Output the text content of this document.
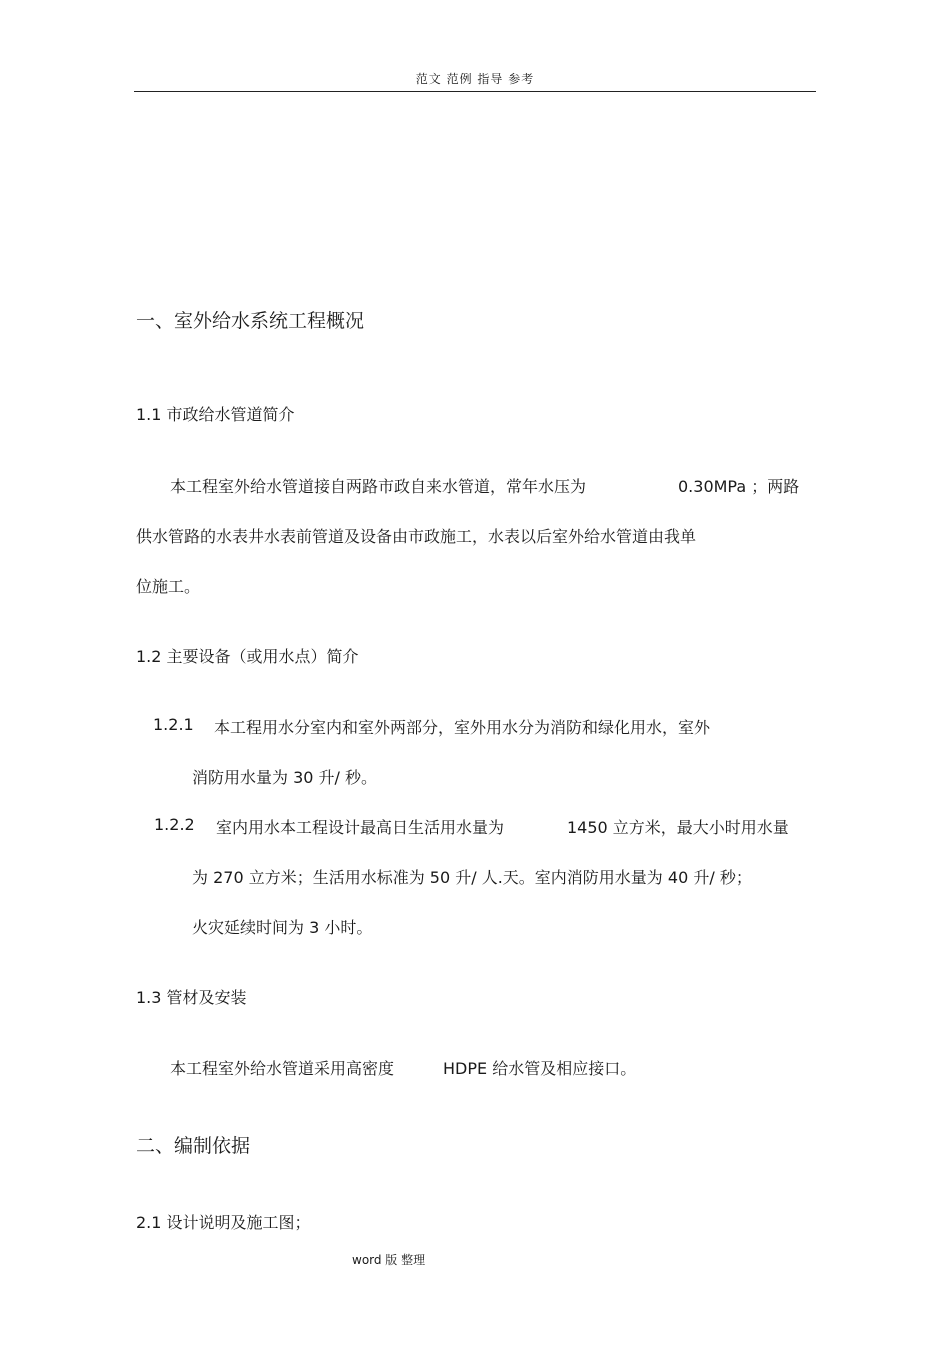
范文 范例 指导 参考
一、室外给水系统工程概况
1.1 市政给水管道简介
本工程室外给水管道接自两路市政自来水管道，常年水压为	0.30MPa ；两路
供水管路的水表井水表前管道及设备由市政施工，水表以后室外给水管道由我单
位施工。
1.2 主要设备（或用水点）简介
1.2.1 本工程用水分室内和室外两部分，室外用水分为消防和绿化用水，室外
消防用水量为 30 升/ 秒。
1.2.2 室内用水本工程设计最高日生活用水量为	1450 立方米，最大小时用水量
为 270 立方米；生活用水标准为 50 升/ 人.天。室内消防用水量为 40 升/ 秒；
火灾延续时间为 3 小时。
1.3 管材及安装
本工程室外给水管道采用高密度	HDPE 给水管及相应接口。
二、编制依据
2.1 设计说明及施工图；
word 版 整理
